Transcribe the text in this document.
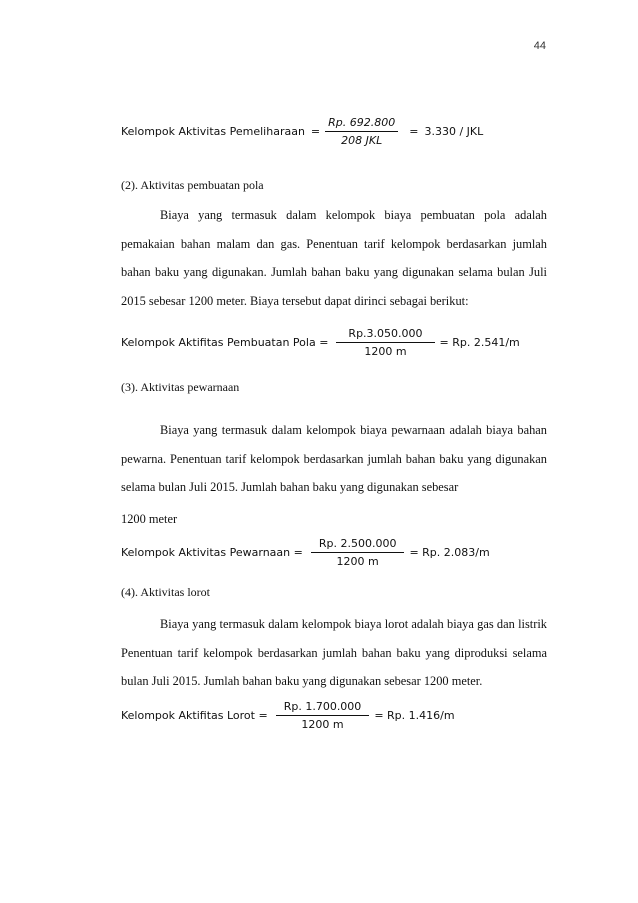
44
Kelompok Aktivitas Pemeliharaan = $\frac{Rp. 692.800}{\text{208 JKL}} = 3.330$ / JKL
(2). Aktivitas pembuatan pola

Biaya yang termasuk dalam kelompok biaya pembuatan pola adalah pemakaian bahan malam dan gas. Penentuan tarif kelompok berdasarkan jumlah bahan baku yang digunakan. Jumlah bahan baku yang digunakan selama bulan Juli 2015 sebesar 1200 meter. Biaya tersebut dapat dirinci sebagai berikut:

Kelompok Aktifitas Pembuatan Pola = $\frac{Rp.3.050.000}{1200 m} = Rp$. 2.541/m
(3). Aktivitas pewarnaan

Biaya yang termasuk dalam kelompok biaya pewarnaan adalah biaya bahan pewarna. Penentuan tarif kelompok berdasarkan jumlah bahan baku yang digunakan selama bulan Juli 2015. Jumlah bahan baku yang digunakan sebesar

1200 meter

Kelompok Aktivitas Pewarnaan = $\frac{Rp. 2.500.000}{1200 m} = Rp$. 2.083/m
(4). Aktivitas lorot

Biaya yang termasuk dalam kelompok biaya lorot adalah biaya gas dan listrik Penentuan tarif kelompok berdasarkan jumlah bahan baku yang diproduksi selama bulan Juli 2015. Jumlah bahan baku yang digunakan sebesar 1200 meter.

Kelompok Aktifitas Lorot = $\frac{Rp. 1.700.000}{1200 m} = Rp$. 1.416/m
